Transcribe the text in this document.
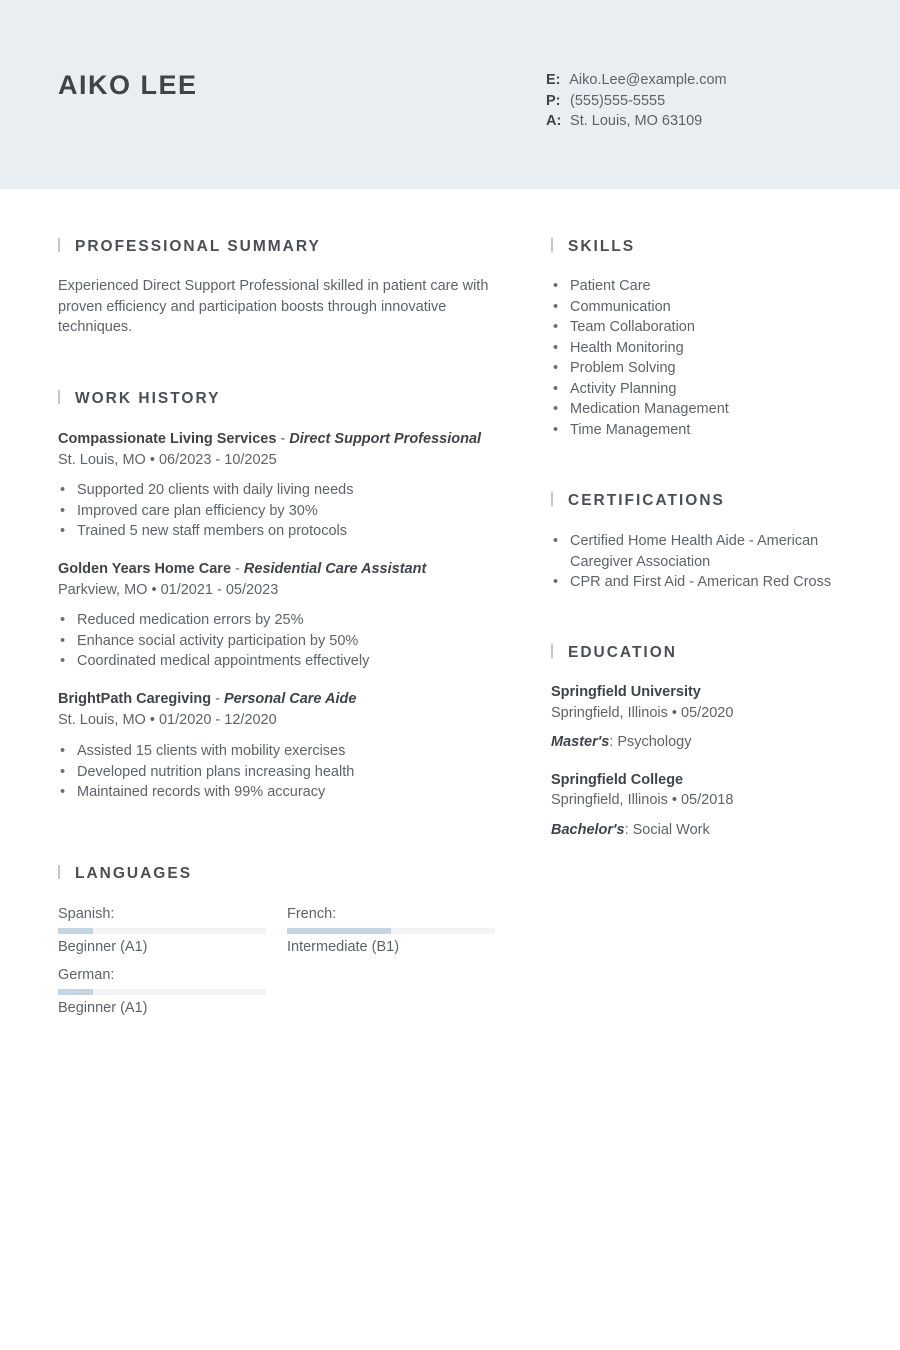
AIKO LEE	E: Aiko.Lee@example.com
P: (555)555-5555
A: St. Louis, MO 63109
PROFESSIONAL SUMMARY
Experienced Direct Support Professional skilled in patient care with proven efficiency and participation boosts through innovative techniques.
WORK HISTORY
Compassionate Living Services - Direct Support Professional
St. Louis, MO • 06/2023 - 10/2025
• Supported 20 clients with daily living needs
• Improved care plan efficiency by 30%
• Trained 5 new staff members on protocols
Golden Years Home Care - Residential Care Assistant
Parkview, MO • 01/2021 - 05/2023
• Reduced medication errors by 25%
• Enhance social activity participation by 50%
• Coordinated medical appointments effectively
BrightPath Caregiving - Personal Care Aide
St. Louis, MO • 01/2020 - 12/2020
• Assisted 15 clients with mobility exercises
• Developed nutrition plans increasing health
• Maintained records with 99% accuracy
LANGUAGES
Spanish:
Beginner (A1)
French:
Intermediate (B1)
German:
Beginner (A1)
SKILLS
• Patient Care
• Communication
• Team Collaboration
• Health Monitoring
• Problem Solving
• Activity Planning
• Medication Management
• Time Management
CERTIFICATIONS
• Certified Home Health Aide - American Caregiver Association
• CPR and First Aid - American Red Cross
EDUCATION
Springfield University
Springfield, Illinois • 05/2020
Master's: Psychology
Springfield College
Springfield, Illinois • 05/2018
Bachelor's: Social Work
